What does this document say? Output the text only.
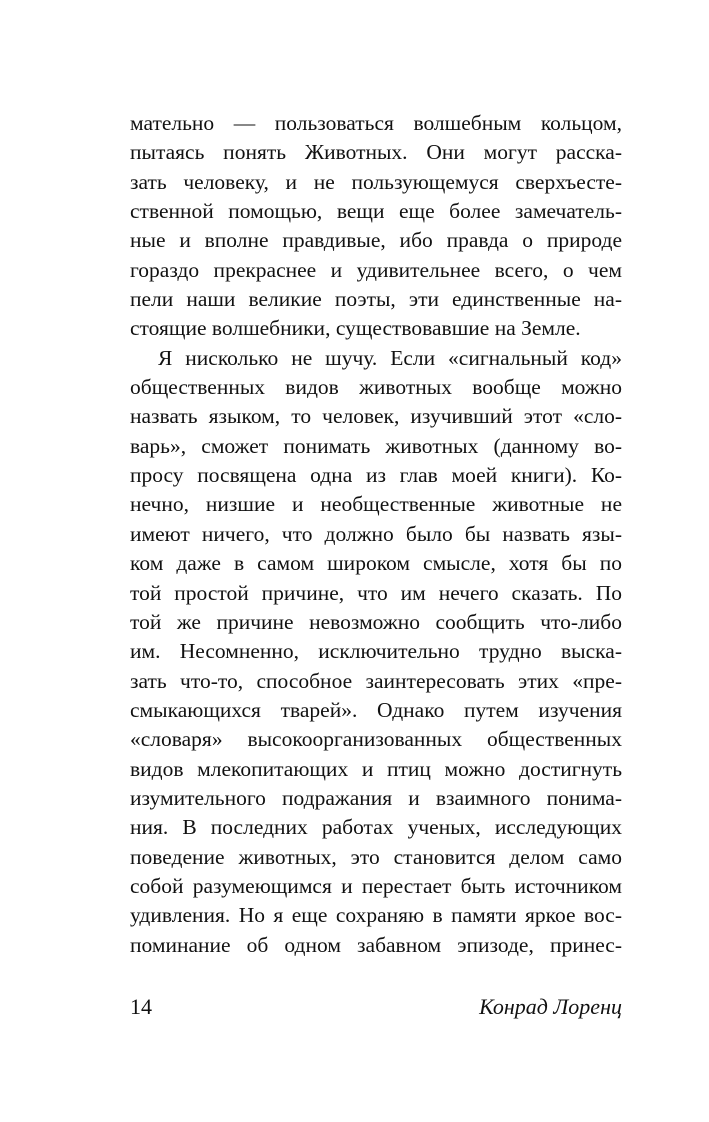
мательно — пользоваться волшебным кольцом,
пытаясь понять Животных. Они могут расска-
зать человеку, и не пользующемуся сверхъесте-
ственной помощью, вещи еще более замечатель-
ные и вполне правдивые, ибо правда о природе
гораздо прекраснее и удивительнее всего, о чем
пели наши великие поэты, эти единственные на-
стоящие волшебники, существовавшие на Земле.
Я нисколько не шучу. Если «сигнальный код»
общественных видов животных вообще можно
назвать языком, то человек, изучивший этот «сло-
варь», сможет понимать животных (данному во-
просу посвящена одна из глав моей книги). Ко-
нечно, низшие и необщественные животные не
имеют ничего, что должно было бы назвать язы-
ком даже в самом широком смысле, хотя бы по
той простой причине, что им нечего сказать. По
той же причине невозможно сообщить что-либо
им. Несомненно, исключительно трудно выска-
зать что-то, способное заинтересовать этих «пре-
смыкающихся тварей». Однако путем изучения
«словаря» высокоорганизованных общественных
видов млекопитающих и птиц можно достигнуть
изумительного подражания и взаимного понима-
ния. В последних работах ученых, исследующих
поведение животных, это становится делом само
собой разумеющимся и перестает быть источником
удивления. Но я еще сохраняю в памяти яркое вос-
поминание об одном забавном эпизоде, принес-
14	Конрад Лоренц
